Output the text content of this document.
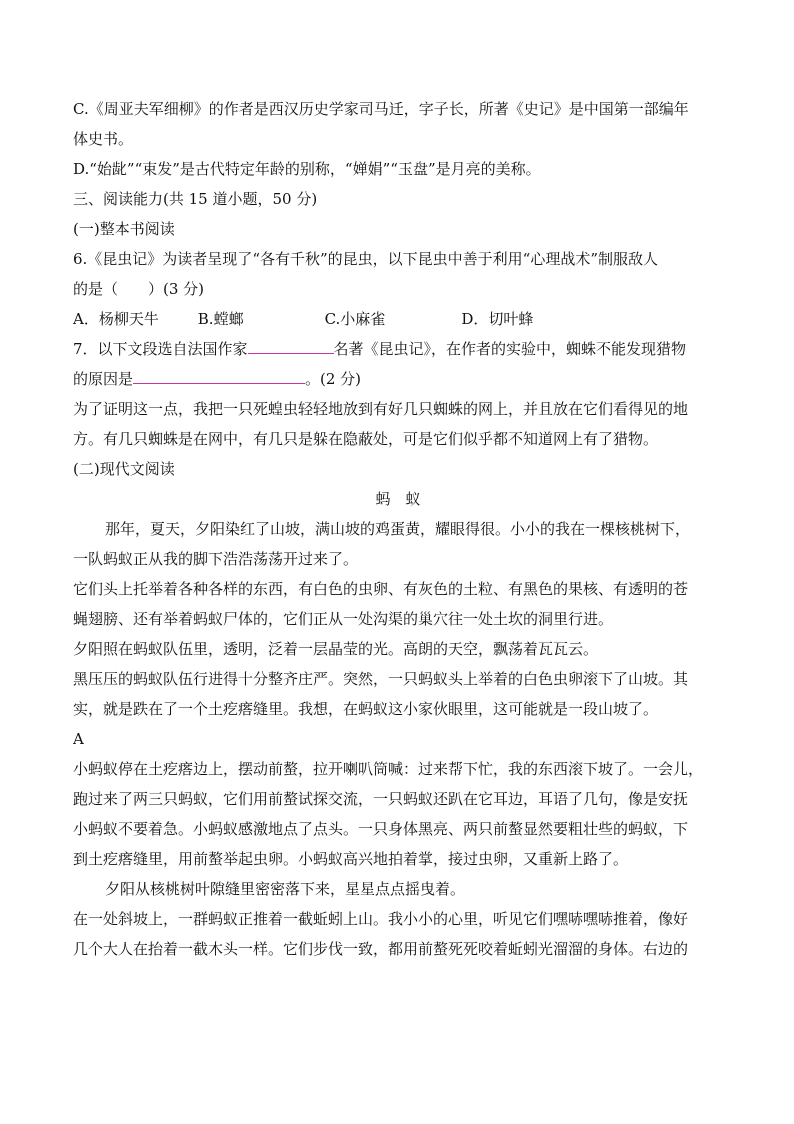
C.《周亚夫军细柳》的作者是西汉历史学家司马迁，字子长，所著《史记》是中国第一部编年
体史书。
D.“始龀”“束发”是古代特定年龄的别称，“婵娟”“玉盘”是月亮的美称。
三、阅读能力(共 15 道小题，50 分)
(一)整本书阅读
6.《昆虫记》为读者呈现了“各有千秋”的昆虫，以下昆虫中善于利用“心理战术”制服敌人
的是（　　）(3 分)
A．杨柳天牛	B.螳螂	C.小麻雀	D．切叶蜂
7．以下文段选自法国作家	名著《昆虫记》，在作者的实验中，蜘蛛不能发现猎物
的原因是	。(2 分)
为了证明这一点，我把一只死蝗虫轻轻地放到有好几只蜘蛛的网上，并且放在它们看得见的地
方。有几只蜘蛛是在网中，有几只是躲在隐蔽处，可是它们似乎都不知道网上有了猎物。
(二)现代文阅读
蚂　蚁
那年，夏天，夕阳染红了山坡，满山坡的鸡蛋黄，耀眼得很。小小的我在一棵核桃树下，
一队蚂蚁正从我的脚下浩浩荡荡开过来了。
它们头上托举着各种各样的东西，有白色的虫卵、有灰色的土粒、有黑色的果核、有透明的苍
蝇翅膀、还有举着蚂蚁尸体的，它们正从一处沟渠的巢穴往一处土坎的洞里行进。
夕阳照在蚂蚁队伍里，透明，泛着一层晶莹的光。高朗的天空，飘荡着瓦瓦云。
黑压压的蚂蚁队伍行进得十分整齐庄严。突然，一只蚂蚁头上举着的白色虫卵滚下了山坡。其
实，就是跌在了一个土疙瘩缝里。我想，在蚂蚁这小家伙眼里，这可能就是一段山坡了。
A
小蚂蚁停在土疙瘩边上，摆动前螯，拉开喇叭筒喊：过来帮下忙，我的东西滚下坡了。一会儿，
跑过来了两三只蚂蚁，它们用前螯试探交流，一只蚂蚁还趴在它耳边，耳语了几句，像是安抚
小蚂蚁不要着急。小蚂蚁感激地点了点头。一只身体黑亮、两只前螯显然要粗壮些的蚂蚁，下
到土疙瘩缝里，用前螯举起虫卵。小蚂蚁高兴地拍着掌，接过虫卵，又重新上路了。
夕阳从核桃树叶隙缝里密密落下来，星星点点摇曳着。
在一处斜坡上，一群蚂蚁正推着一截蚯蚓上山。我小小的心里，听见它们嘿哧嘿哧推着，像好
几个大人在抬着一截木头一样。它们步伐一致，都用前螯死死咬着蚯蚓光溜溜的身体。右边的
